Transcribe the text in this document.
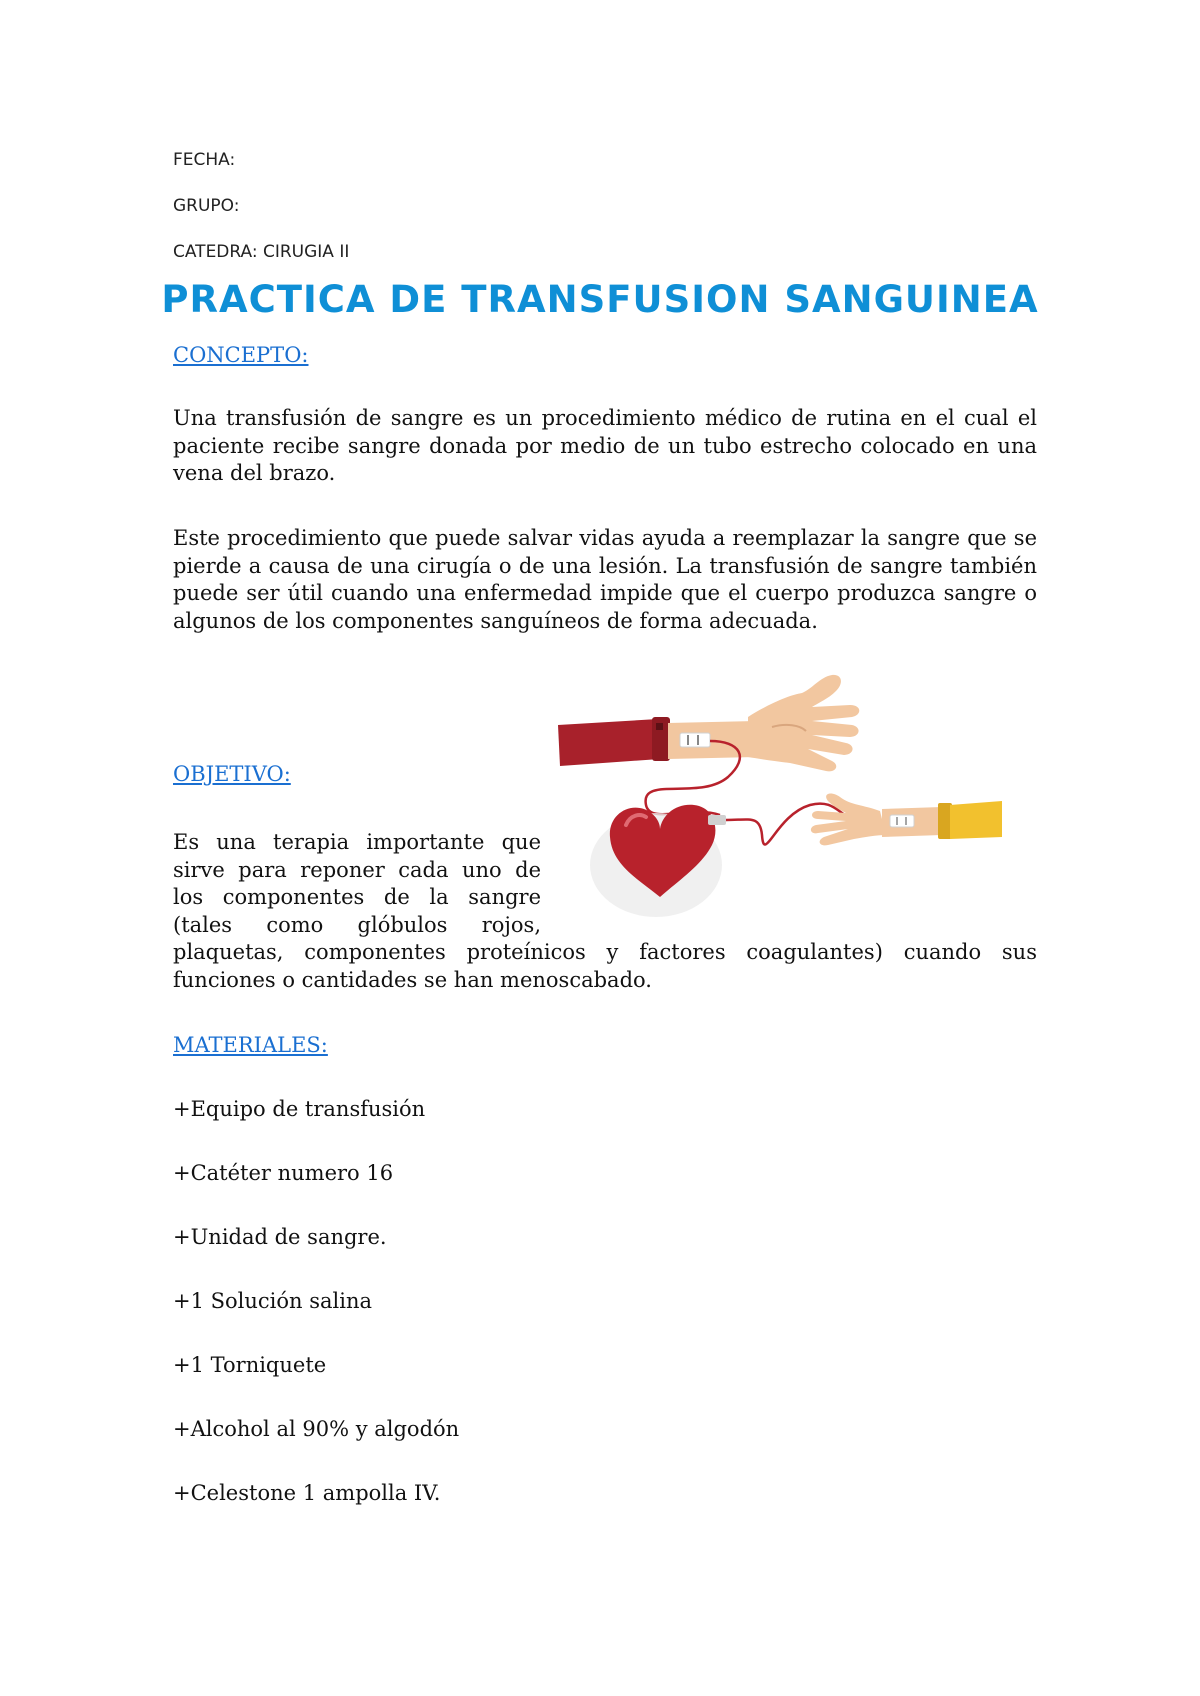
FECHA:
GRUPO:
CATEDRA: CIRUGIA II
PRACTICA DE TRANSFUSION SANGUINEA
CONCEPTO:

Una transfusión de sangre es un procedimiento médico de rutina en el cual el paciente recibe sangre donada por medio de un tubo estrecho colocado en una vena del brazo.

Este procedimiento que puede salvar vidas ayuda a reemplazar la sangre que se pierde a causa de una cirugía o de una lesión. La transfusión de sangre también puede ser útil cuando una enfermedad impide que el cuerpo produzca sangre o algunos de los componentes sanguíneos de forma adecuada.

OBJETIVO:
Es una terapia importante que sirve para reponer cada uno de los componentes de la sangre (tales como glóbulos rojos, plaquetas, componentes proteínicos y factores coagulantes) cuando sus funciones o cantidades se han menoscabado.
MATERIALES:
+Equipo de transfusión
+Catéter numero 16
+Unidad de sangre.
+1 Solución salina
+1 Torniquete
+Alcohol al 90% y algodón
+Celestone 1 ampolla IV.
